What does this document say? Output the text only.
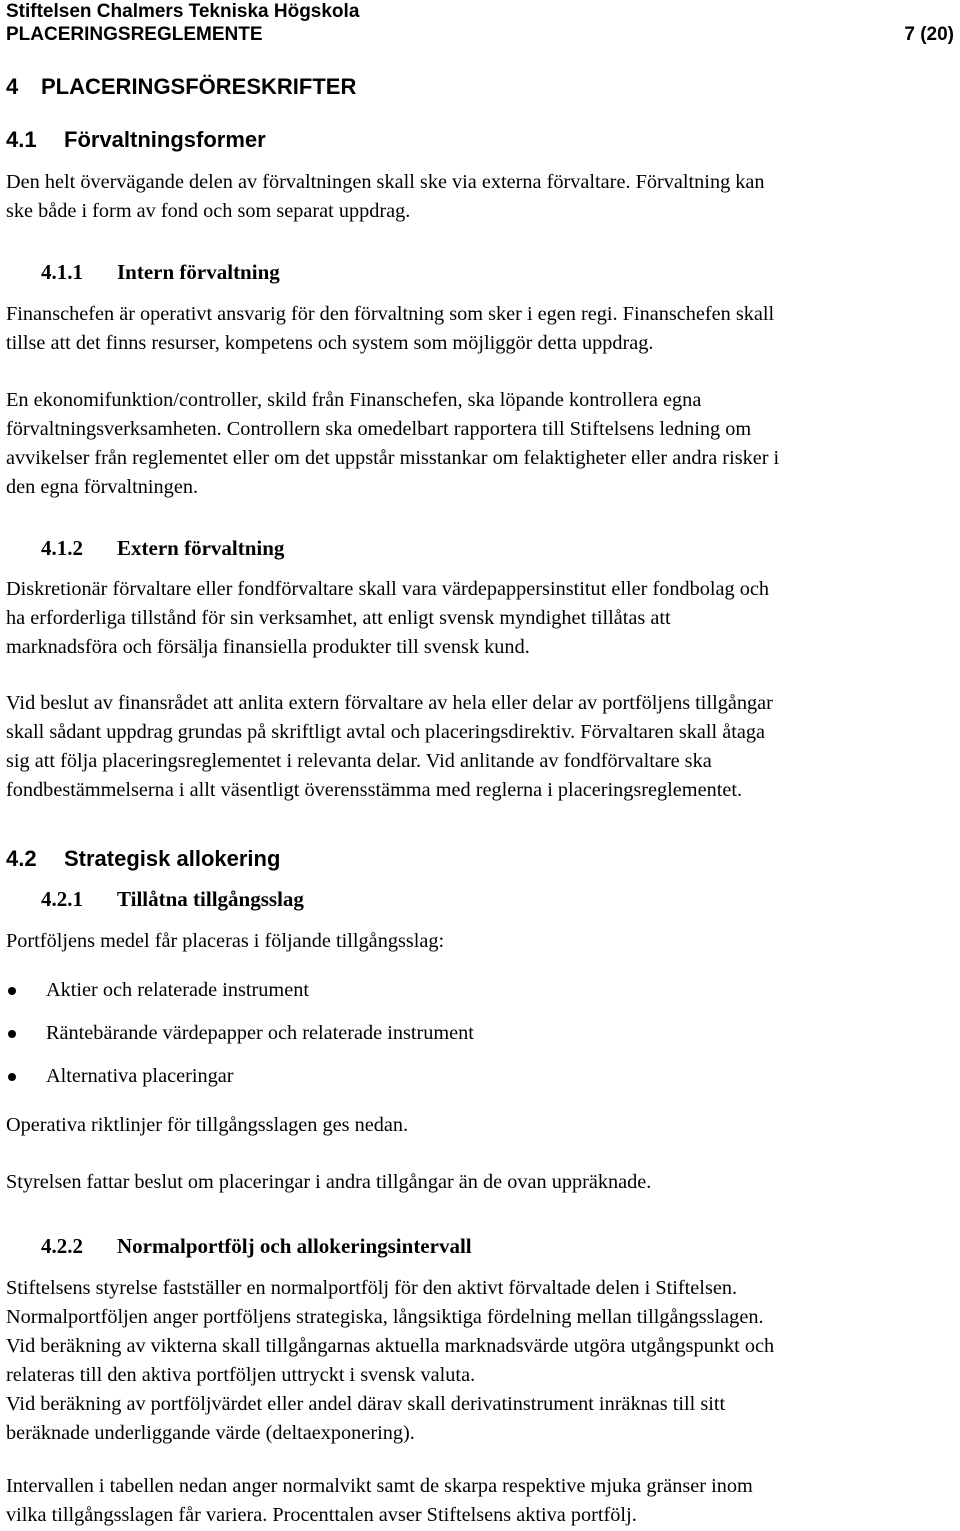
Stiftelsen Chalmers Tekniska Högskola
PLACERINGSREGLEMENTE	7 (20)
4	PLACERINGSFÖRESKRIFTER
4.1	Förvaltningsformer
Den helt övervägande delen av förvaltningen skall ske via externa förvaltare. Förvaltning kan
ske både i form av fond och som separat uppdrag.
4.1.1	Intern förvaltning
Finanschefen är operativt ansvarig för den förvaltning som sker i egen regi. Finanschefen skall
tillse att det finns resurser, kompetens och system som möjliggör detta uppdrag.
En ekonomifunktion/controller, skild från Finanschefen, ska löpande kontrollera egna
förvaltningsverksamheten. Controllern ska omedelbart rapportera till Stiftelsens ledning om
avvikelser från reglementet eller om det uppstår misstankar om felaktigheter eller andra risker i
den egna förvaltningen.
4.1.2	Extern förvaltning
Diskretionär förvaltare eller fondförvaltare skall vara värdepappersinstitut eller fondbolag och
ha erforderliga tillstånd för sin verksamhet, att enligt svensk myndighet tillåtas att
marknadsföra och försälja finansiella produkter till svensk kund.
Vid beslut av finansrådet att anlita extern förvaltare av hela eller delar av portföljens tillgångar
skall sådant uppdrag grundas på skriftligt avtal och placeringsdirektiv. Förvaltaren skall åtaga
sig att följa placeringsreglementet i relevanta delar. Vid anlitande av fondförvaltare ska
fondbestämmelserna i allt väsentligt överensstämma med reglerna i placeringsreglementet.
4.2	Strategisk allokering
4.2.1	Tillåtna tillgångsslag
Portföljens medel får placeras i följande tillgångsslag:
Aktier och relaterade instrument
Räntebärande värdepapper och relaterade instrument
Alternativa placeringar
Operativa riktlinjer för tillgångsslagen ges nedan.
Styrelsen fattar beslut om placeringar i andra tillgångar än de ovan uppräknade.
4.2.2	Normalportfölj och allokeringsintervall
Stiftelsens styrelse fastställer en normalportfölj för den aktivt förvaltade delen i Stiftelsen.
Normalportföljen anger portföljens strategiska, långsiktiga fördelning mellan tillgångsslagen.
Vid beräkning av vikterna skall tillgångarnas aktuella marknadsvärde utgöra utgångspunkt och
relateras till den aktiva portföljen uttryckt i svensk valuta.
Vid beräkning av portföljvärdet eller andel därav skall derivatinstrument inräknas till sitt
beräknade underliggande värde (deltaexponering).
Intervallen i tabellen nedan anger normalvikt samt de skarpa respektive mjuka gränser inom
vilka tillgångsslagen får variera. Procenttalen avser Stiftelsens aktiva portfölj.
